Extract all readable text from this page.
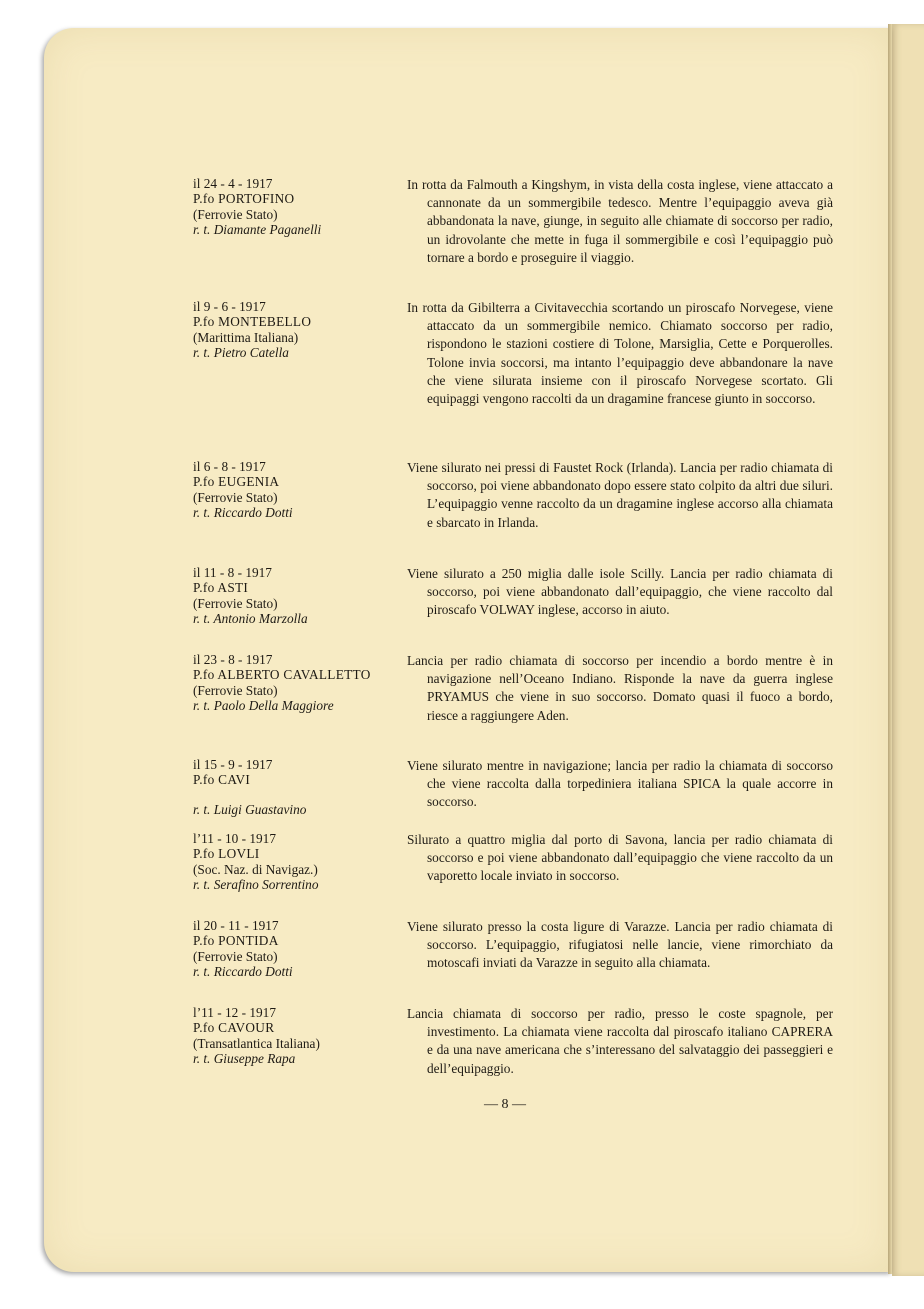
il 24 - 4 - 1917
P.fo PORTOFINO
(Ferrovie Stato)
r. t. Diamante Paganelli
In rotta da Falmouth a Kingshym, in vista della costa inglese, viene attaccato a cannonate da un sommergibile tedesco. Mentre l’equipaggio aveva già abbandonata la nave, giunge, in seguito alle chiamate di soccorso per radio, un idrovolante che mette in fuga il sommergibile e così l’equipaggio può tornare a bordo e proseguire il viaggio.
il 9 - 6 - 1917
P.fo MONTEBELLO
(Marittima Italiana)
r. t. Pietro Catella
In rotta da Gibilterra a Civitavecchia scortando un piroscafo Norvegese, viene attaccato da un sommergibile nemico. Chiamato soccorso per radio, rispondono le stazioni costiere di Tolone, Marsiglia, Cette e Porquerolles. Tolone invia soccorsi, ma intanto l’equipaggio deve abbandonare la nave che viene silurata insieme con il piroscafo Norvegese scortato. Gli equipaggi vengono raccolti da un dragamine francese giunto in soccorso.
il 6 - 8 - 1917
P.fo EUGENIA
(Ferrovie Stato)
r. t. Riccardo Dotti
Viene silurato nei pressi di Faustet Rock (Irlanda). Lancia per radio chiamata di soccorso, poi viene abbandonato dopo essere stato colpito da altri due siluri. L’equipaggio venne raccolto da un dragamine inglese accorso alla chiamata e sbarcato in Irlanda.
il 11 - 8 - 1917
P.fo ASTI
(Ferrovie Stato)
r. t. Antonio Marzolla
Viene silurato a 250 miglia dalle isole Scilly. Lancia per radio chiamata di soccorso, poi viene abbandonato dall’equipaggio, che viene raccolto dal piroscafo VOLWAY inglese, accorso in aiuto.
il 23 - 8 - 1917
P.fo ALBERTO CAVALLETTO
(Ferrovie Stato)
r. t. Paolo Della Maggiore
Lancia per radio chiamata di soccorso per incendio a bordo mentre è in navigazione nell’Oceano Indiano. Risponde la nave da guerra inglese PRYAMUS che viene in suo soccorso. Domato quasi il fuoco a bordo, riesce a raggiungere Aden.
il 15 - 9 - 1917
P.fo CAVI
r. t. Luigi Guastavino
Viene silurato mentre in navigazione; lancia per radio la chiamata di soccorso che viene raccolta dalla torpediniera italiana SPICA la quale accorre in soccorso.
l’11 - 10 - 1917
P.fo LOVLI
(Soc. Naz. di Navigaz.)
r. t. Serafino Sorrentino
Silurato a quattro miglia dal porto di Savona, lancia per radio chiamata di soccorso e poi viene abbandonato dall’equipaggio che viene raccolto da un vaporetto locale inviato in soccorso.
il 20 - 11 - 1917
P.fo PONTIDA
(Ferrovie Stato)
r. t. Riccardo Dotti
Viene silurato presso la costa ligure di Varazze. Lancia per radio chiamata di soccorso. L’equipaggio, rifugiatosi nelle lancie, viene rimorchiato da motoscafi inviati da Varazze in seguito alla chiamata.
l’11 - 12 - 1917
P.fo CAVOUR
(Transatlantica Italiana)
r. t. Giuseppe Rapa
Lancia chiamata di soccorso per radio, presso le coste spagnole, per investimento. La chiamata viene raccolta dal piroscafo italiano CAPRERA e da una nave americana che s’interessano del salvataggio dei passeggieri e dell’equipaggio.
— 8 —
